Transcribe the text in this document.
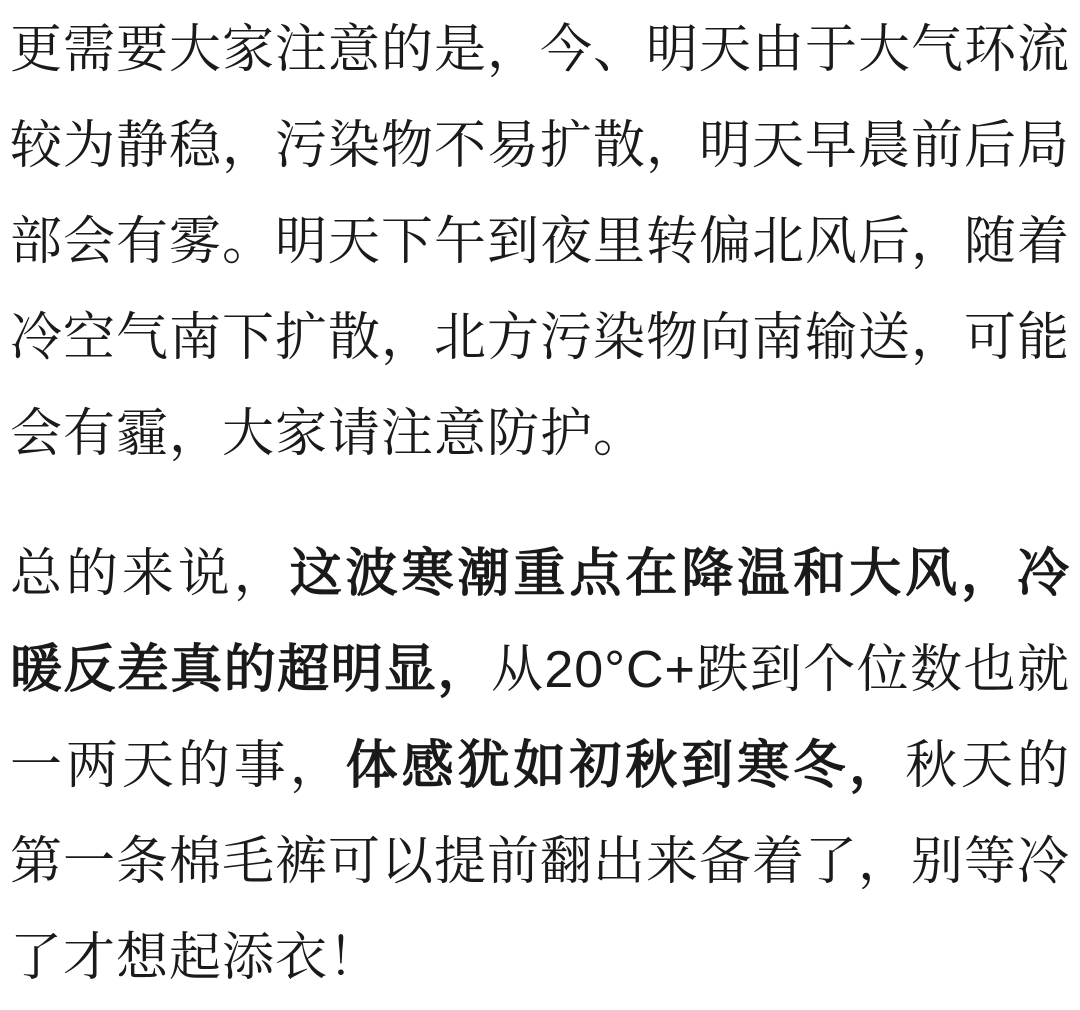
更需要大家注意的是，今、明天由于大气环流较为静稳，污染物不易扩散，明天早晨前后局部会有雾。明天下午到夜里转偏北风后，随着冷空气南下扩散，北方污染物向南输送，可能会有霾，大家请注意防护。

总的来说，这波寒潮重点在降温和大风，冷暖反差真的超明显，从20°C+跌到个位数也就一两天的事，体感犹如初秋到寒冬，秋天的第一条棉毛裤可以提前翻出来备着了，别等冷了才想起添衣！
